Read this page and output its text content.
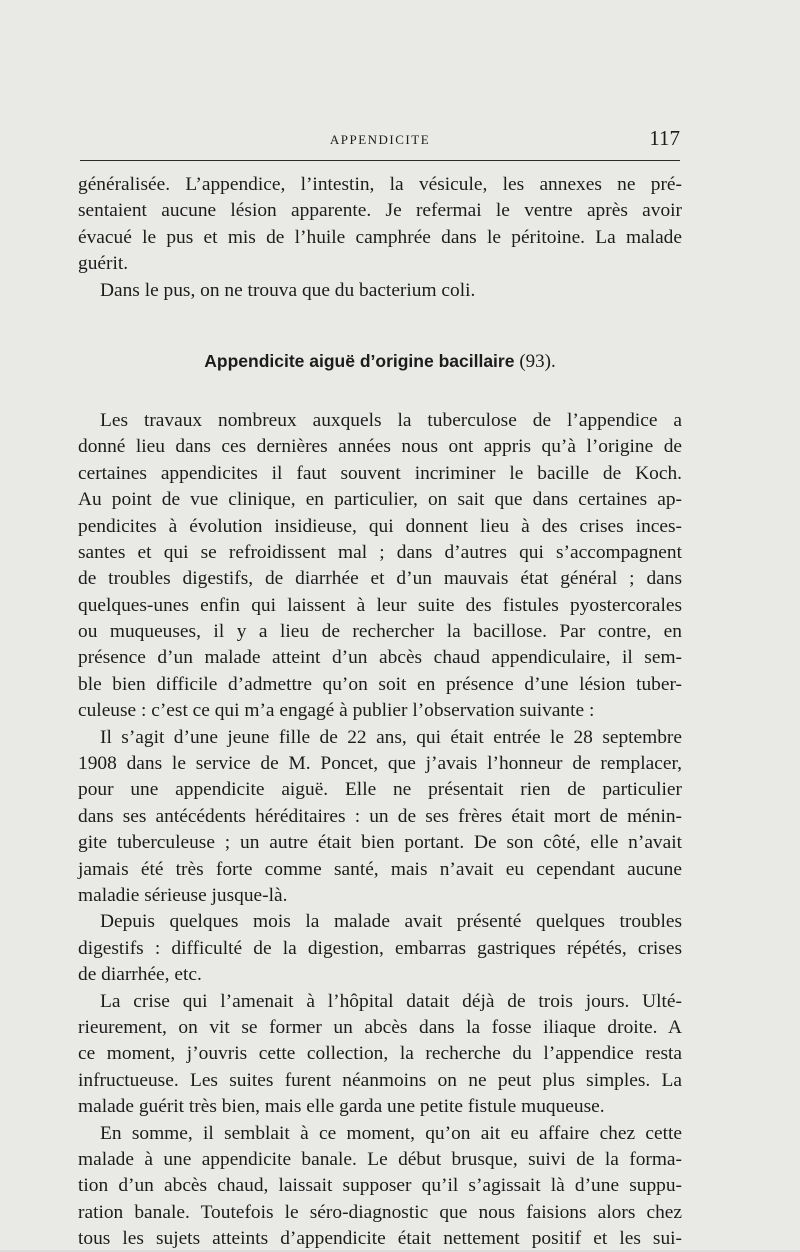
APPENDICITE	117
généralisée. L’appendice, l’intestin, la vésicule, les annexes ne pré-
sentaient aucune lésion apparente. Je refermai le ventre après avoir
évacué le pus et mis de l’huile camphrée dans le péritoine. La malade
guérit.
Dans le pus, on ne trouva que du bacterium coli.
Appendicite aiguë d’origine bacillaire (93).
Les travaux nombreux auxquels la tuberculose de l’appendice a
donné lieu dans ces dernières années nous ont appris qu’à l’origine de
certaines appendicites il faut souvent incriminer le bacille de Koch.
Au point de vue clinique, en particulier, on sait que dans certaines ap-
pendicites à évolution insidieuse, qui donnent lieu à des crises inces-
santes et qui se refroidissent mal ; dans d’autres qui s’accompagnent
de troubles digestifs, de diarrhée et d’un mauvais état général ; dans
quelques-unes enfin qui laissent à leur suite des fistules pyostercorales
ou muqueuses, il y a lieu de rechercher la bacillose. Par contre, en
présence d’un malade atteint d’un abcès chaud appendiculaire, il sem-
ble bien difficile d’admettre qu’on soit en présence d’une lésion tuber-
culeuse : c’est ce qui m’a engagé à publier l’observation suivante :
Il s’agit d’une jeune fille de 22 ans, qui était entrée le 28 septembre
1908 dans le service de M. Poncet, que j’avais l’honneur de remplacer,
pour une appendicite aiguë. Elle ne présentait rien de particulier
dans ses antécédents héréditaires : un de ses frères était mort de ménin-
gite tuberculeuse ; un autre était bien portant. De son côté, elle n’avait
jamais été très forte comme santé, mais n’avait eu cependant aucune
maladie sérieuse jusque-là.
Depuis quelques mois la malade avait présenté quelques troubles
digestifs : difficulté de la digestion, embarras gastriques répétés, crises
de diarrhée, etc.
La crise qui l’amenait à l’hôpital datait déjà de trois jours. Ulté-
rieurement, on vit se former un abcès dans la fosse iliaque droite. A
ce moment, j’ouvris cette collection, la recherche du l’appendice resta
infructueuse. Les suites furent néanmoins on ne peut plus simples. La
malade guérit très bien, mais elle garda une petite fistule muqueuse.
En somme, il semblait à ce moment, qu’on ait eu affaire chez cette
malade à une appendicite banale. Le début brusque, suivi de la forma-
tion d’un abcès chaud, laissait supposer qu’il s’agissait là d’une suppu-
ration banale. Toutefois le séro-diagnostic que nous faisions alors chez
tous les sujets atteints d’appendicite était nettement positif et les sui-
